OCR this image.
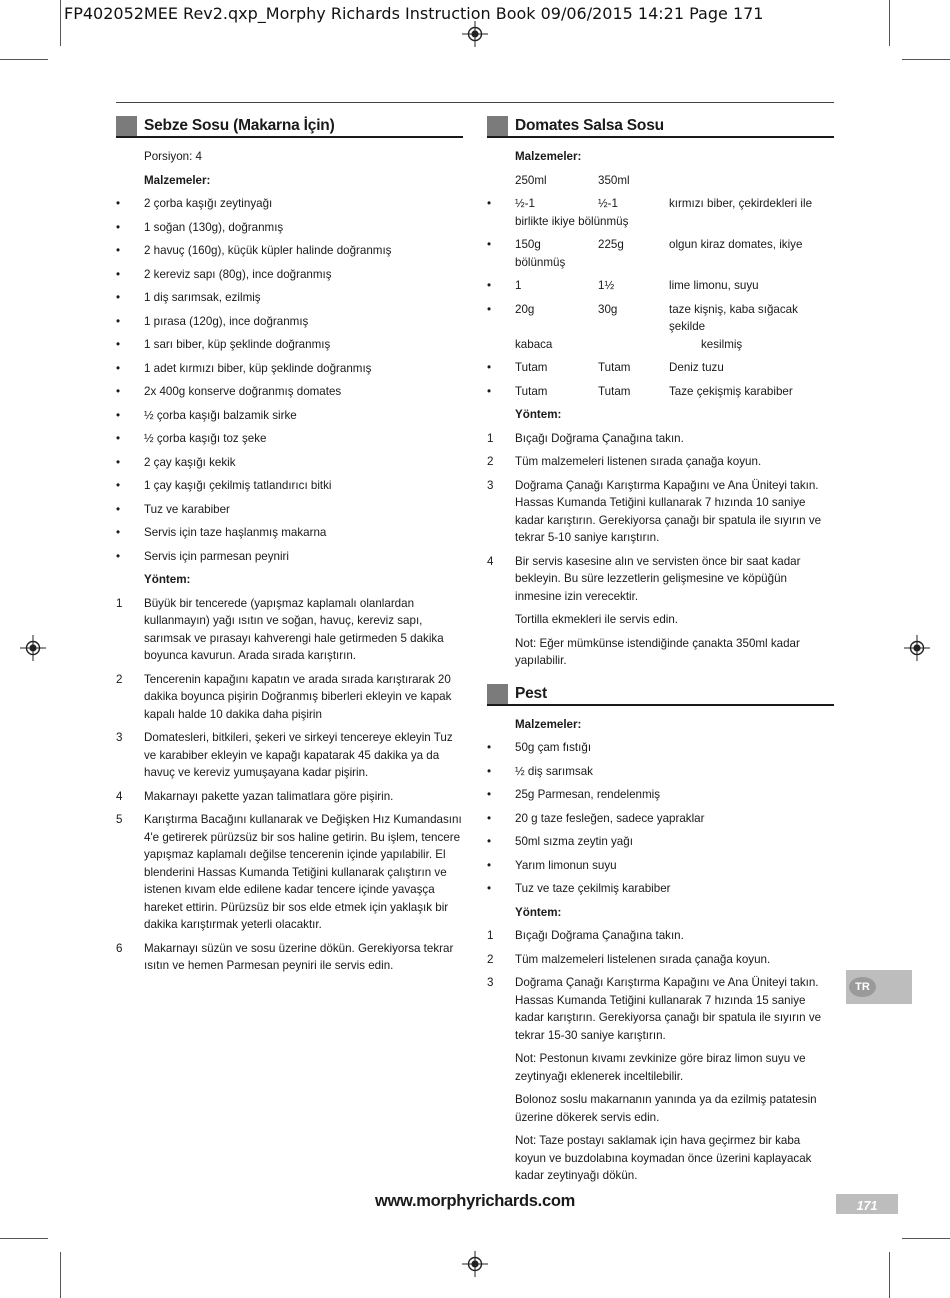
FP402052MEE Rev2.qxp_Morphy Richards Instruction Book 09/06/2015 14:21 Page 171
Sebze Sosu (Makarna İçin)
Porsiyon: 4
Malzemeler:
• 2 çorba kaşığı zeytinyağı
• 1 soğan (130g), doğranmış
• 2 havuç (160g), küçük küpler halinde doğranmış
• 2 kereviz sapı (80g), ince doğranmış
• 1 diş sarımsak, ezilmiş
• 1 pırasa (120g), ince doğranmış
• 1 sarı biber, küp şeklinde doğranmış
• 1 adet kırmızı biber, küp şeklinde doğranmış
• 2x 400g konserve doğranmış domates
• ½ çorba kaşığı balzamik sirke
• ½ çorba kaşığı toz şeke
• 2 çay kaşığı kekik
• 1 çay kaşığı çekilmiş tatlandırıcı bitki
• Tuz ve karabiber
• Servis için taze haşlanmış makarna
• Servis için parmesan peyniri
Yöntem:
1 Büyük bir tencerede (yapışmaz kaplamalı olanlardan kullanmayın) yağı ısıtın ve soğan, havuç, kereviz sapı, sarımsak ve pırasayı kahverengi hale getirmeden 5 dakika boyunca kavurun. Arada sırada karıştırın.
2 Tencerenin kapağını kapatın ve arada sırada karıştırarak 20 dakika boyunca pişirin Doğranmış biberleri ekleyin ve kapak kapalı halde 10 dakika daha pişirin
3 Domatesleri, bitkileri, şekeri ve sirkeyi tencereye ekleyin Tuz ve karabiber ekleyin ve kapağı kapatarak 45 dakika ya da havuç ve kereviz yumuşayana kadar pişirin.
4 Makarnayı pakette yazan talimatlara göre pişirin.
5 Karıştırma Bacağını kullanarak ve Değişken Hız Kumandasını 4'e getirerek pürüzsüz bir sos haline getirin. Bu işlem, tencere yapışmaz kaplamalı değilse tencerenin içinde yapılabilir. El blenderini Hassas Kumanda Tetiğini kullanarak çalıştırın ve istenen kıvam elde edilene kadar tencere içinde yavaşça hareket ettirin. Pürüzsüz bir sos elde etmek için yaklaşık bir dakika karıştırmak yeterli olacaktır.
6 Makarnayı süzün ve sosu üzerine dökün. Gerekiyorsa tekrar ısıtın ve hemen Parmesan peyniri ile servis edin.
Domates Salsa Sosu
Malzemeler:
250ml	350ml

• ½-1	½-1	kırmızı biber, çekirdekleri ile
birlikte ikiye bölünmüş
• 150g	225g	olgun kiraz domates, ikiye
bölünmüş
• 1	1½	lime limonu, suyu
• 20g	30g	taze kişniş, kaba sığacak şekilde
kabaca	kesilmiş
• Tutam	Tutam	Deniz tuzu
• Tutam	Tutam	Taze çekişmiş karabiber
Yöntem:
1 Bıçağı Doğrama Çanağına takın.
2 Tüm malzemeleri listenen sırada çanağa koyun.
3 Doğrama Çanağı Karıştırma Kapağını ve Ana Üniteyi takın. Hassas Kumanda Tetiğini kullanarak 7 hızında 10 saniye kadar karıştırın. Gerekiyorsa çanağı bir spatula ile sıyırın ve tekrar 5-10 saniye karıştırın.
4 Bir servis kasesine alın ve servisten önce bir saat kadar bekleyin. Bu süre lezzetlerin gelişmesine ve köpüğün inmesine izin verecektir.
Tortilla ekmekleri ile servis edin.
Not: Eğer mümkünse istendiğinde çanakta 350ml kadar yapılabilir.
Pest
Malzemeler:
• 50g çam fıstığı
• ½ diş sarımsak
• 25g Parmesan, rendelenmiş
• 20 g taze fesleğen, sadece yapraklar
• 50ml sızma zeytin yağı
• Yarım limonun suyu
• Tuz ve taze çekilmiş karabiber
Yöntem:
1 Bıçağı Doğrama Çanağına takın.
2 Tüm malzemeleri listelenen sırada çanağa koyun.
3 Doğrama Çanağı Karıştırma Kapağını ve Ana Üniteyi takın. Hassas Kumanda Tetiğini kullanarak 7 hızında 15 saniye kadar karıştırın. Gerekiyorsa çanağı bir spatula ile sıyırın ve tekrar 15-30 saniye karıştırın.
Not: Pestonun kıvamı zevkinize göre biraz limon suyu ve zeytinyağı eklenerek inceltilebilir.
Bolonoz soslu makarnanın yanında ya da ezilmiş patatesin üzerine dökerek servis edin.
Not: Taze postayı saklamak için hava geçirmez bir kaba koyun ve buzdolabına koymadan önce üzerini kaplayacak kadar zeytinyağı dökün.
TR
www.morphyrichards.com	171
